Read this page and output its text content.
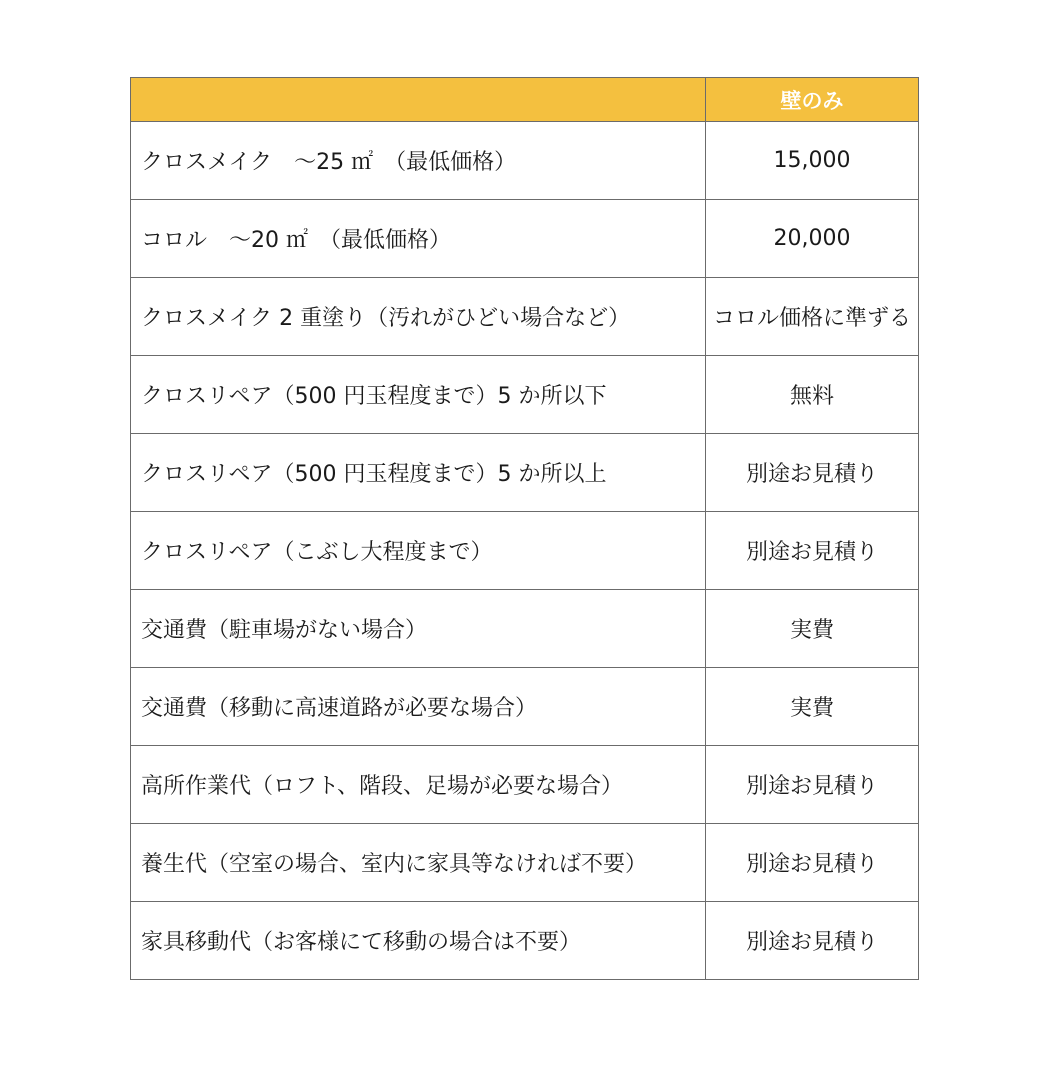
	壁のみ
クロスメイク　～25 ㎡　（最低価格）	15,000
コロル　～20 ㎡　（最低価格）	20,000
クロスメイク 2 重塗り（汚れがひどい場合など）	コロル価格に準ずる
クロスリペア（500 円玉程度まで）5 か所以下	無料
クロスリペア（500 円玉程度まで）5 か所以上	別途お見積り
クロスリペア（こぶし大程度まで）	別途お見積り
交通費（駐車場がない場合）	実費
交通費（移動に高速道路が必要な場合）	実費
高所作業代（ロフト、階段、足場が必要な場合）	別途お見積り
養生代（空室の場合、室内に家具等なければ不要）	別途お見積り
家具移動代（お客様にて移動の場合は不要）	別途お見積り
